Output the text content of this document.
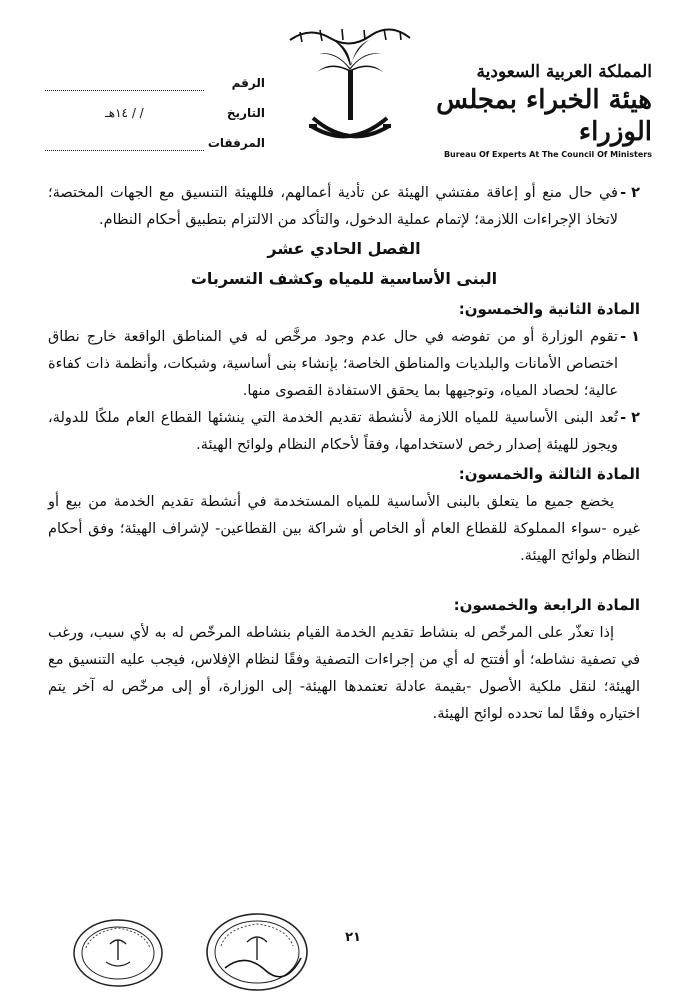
الرقم
التاريخ
/ / ١٤هـ
المرفقات
المملكة العربية السعودية
هيئة الخبراء بمجلس الوزراء
Bureau Of Experts At The Council Of Ministers
٢ -
في حال منع أو إعاقة مفتشي الهيئة عن تأدية أعمالهم، فللهيئة التنسيق مع الجهات المختصة؛ لاتخاذ الإجراءات اللازمة؛ لإتمام عملية الدخول، والتأكد من الالتزام بتطبيق أحكام النظام.
الفصل الحادي عشر
البنى الأساسية للمياه وكشف التسربات
المادة الثانية والخمسون:
١ -
تقوم الوزارة أو من تفوضه في حال عدم وجود مرخَّص له في المناطق الواقعة خارج نطاق اختصاص الأمانات والبلديات والمناطق الخاصة؛ بإنشاء بنى أساسية، وشبكات، وأنظمة ذات كفاءة عالية؛ لحصاد المياه، وتوجيهها بما يحقق الاستفادة القصوى منها.
٢ -
تُعد البنى الأساسية للمياه اللازمة لأنشطة تقديم الخدمة التي ينشئها القطاع العام ملكًا للدولة، ويجوز للهيئة إصدار رخص لاستخدامها، وفقاً لأحكام النظام ولوائح الهيئة.
المادة الثالثة والخمسون:
يخضع جميع ما يتعلق بالبنى الأساسية للمياه المستخدمة في أنشطة تقديم الخدمة من بيع أو غيره -سواء المملوكة للقطاع العام أو الخاص أو شراكة بين القطاعين- لإشراف الهيئة؛ وفق أحكام النظام ولوائح الهيئة.
المادة الرابعة والخمسون:
إذا تعذّر على المرخّص له بنشاط تقديم الخدمة القيام بنشاطه المرخّص له به لأي سبب، ورغب في تصفية نشاطه؛ أو أفتتح له أي من إجراءات التصفية وفقًا لنظام الإفلاس، فيجب عليه التنسيق مع الهيئة؛ لنقل ملكية الأصول -بقيمة عادلة تعتمدها الهيئة- إلى الوزارة، أو إلى مرخّص له آخر يتم اختياره وفقًا لما تحدده لوائح الهيئة.
٢١
